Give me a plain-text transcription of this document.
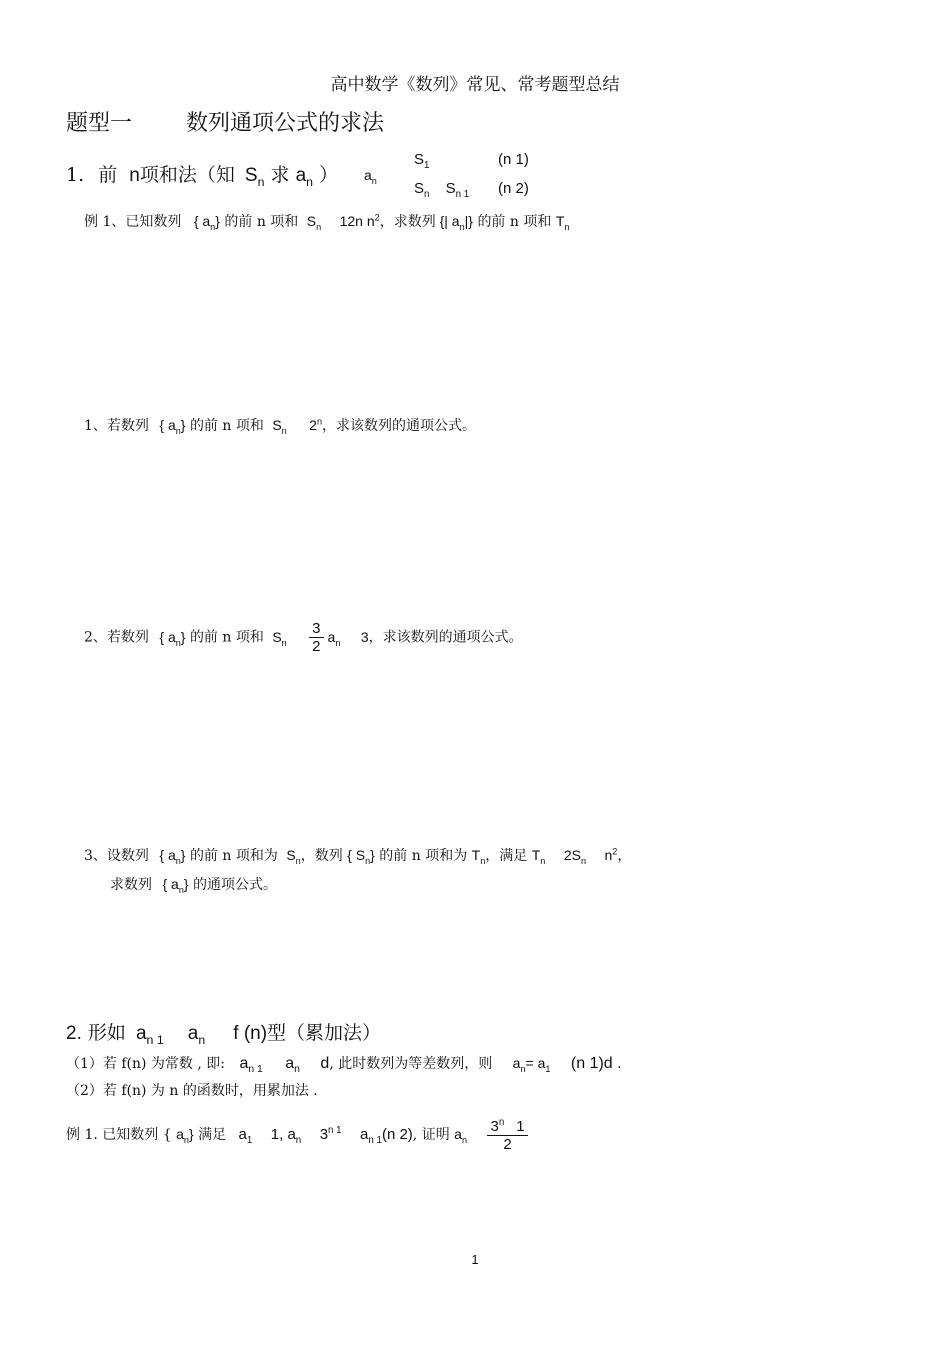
高中数学《数列》常见、常考题型总结
题型一 数列通项公式的求法
1. 前 n项和法（知 $S_n$ 求 $a_n$ ） $a_n$
$S_1$	(n 1)
$S_n$ $S_{n 1}$ (n 2)
例 1、已知数列 { $a_n$} 的前 n 项和 $S_n$ 12n $n^2$，求数列 {| $a_n|$} 的前 n 项和 $T_n$
1、若数列 { $a_n$} 的前 n 项和 $S_n$ 2$^n$，求该数列的通项公式。
2、若数列 { $a_n$} 的前 n 项和 $S_n \frac{3}{2} a_n$ 3，求该数列的通项公式。
3、设数列 { $a_n$} 的前 n 项和为 $S_n$，数列 { $S_n$} 的前 n 项和为 $T_n$，满足 $T_n$ $2S_n$ $n^2$，
求数列 { $a_n$} 的通项公式。
2. 形如 $a_{n 1}$ $a_n$ f (n)型（累加法）
（1）若 f(n) 为常数 , 即: $a_{n 1}$ $a_n$ d, 此时数列为等差数列，则 $a_n= a_1$ (n 1)d .
（2）若 f(n) 为 n 的函数时，用累加法 .
例 1. 已知数列 { $a_n$} 满足 $a_1$ 1, $a_n$ $3^{n 1}$ $a_{n 1}(n$ 2), 证明 $a_n \frac{3^n 1}{2}$
1
